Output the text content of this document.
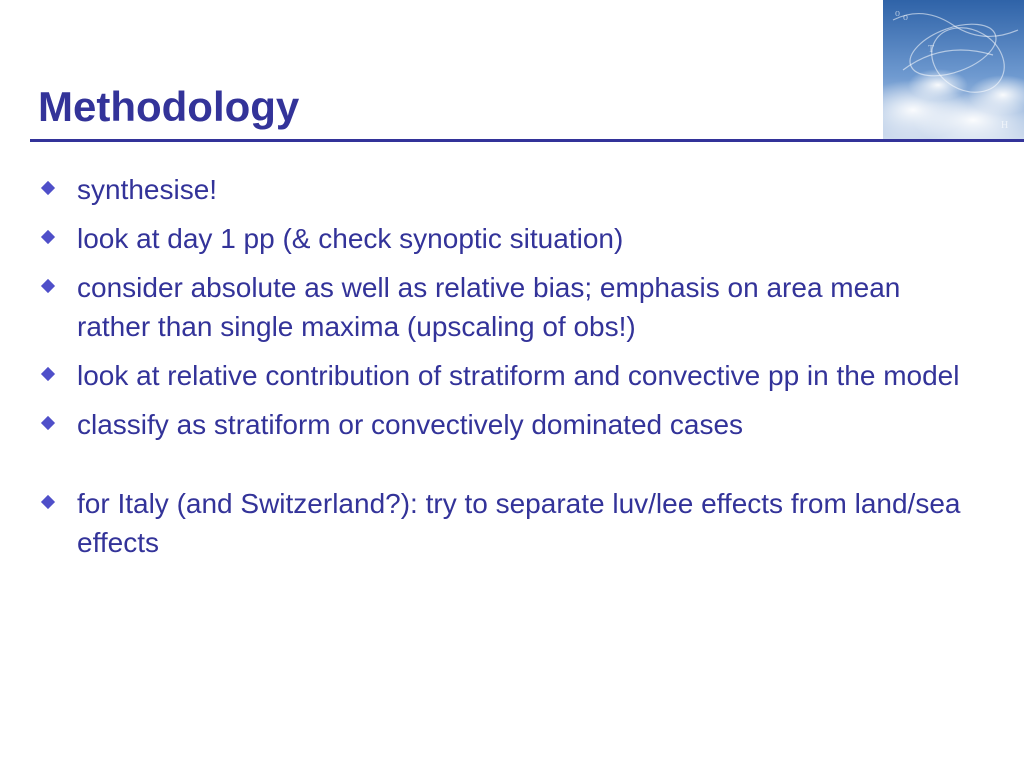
Methodology
o o
T
H
synthesise!
look at day 1 pp (& check synoptic situation)
consider absolute as well as relative bias; emphasis on area mean rather than single maxima (upscaling of obs!)
look at relative contribution of stratiform and convective pp in the model
classify as stratiform or convectively dominated cases
for Italy (and Switzerland?): try to separate luv/lee effects from land/sea effects
